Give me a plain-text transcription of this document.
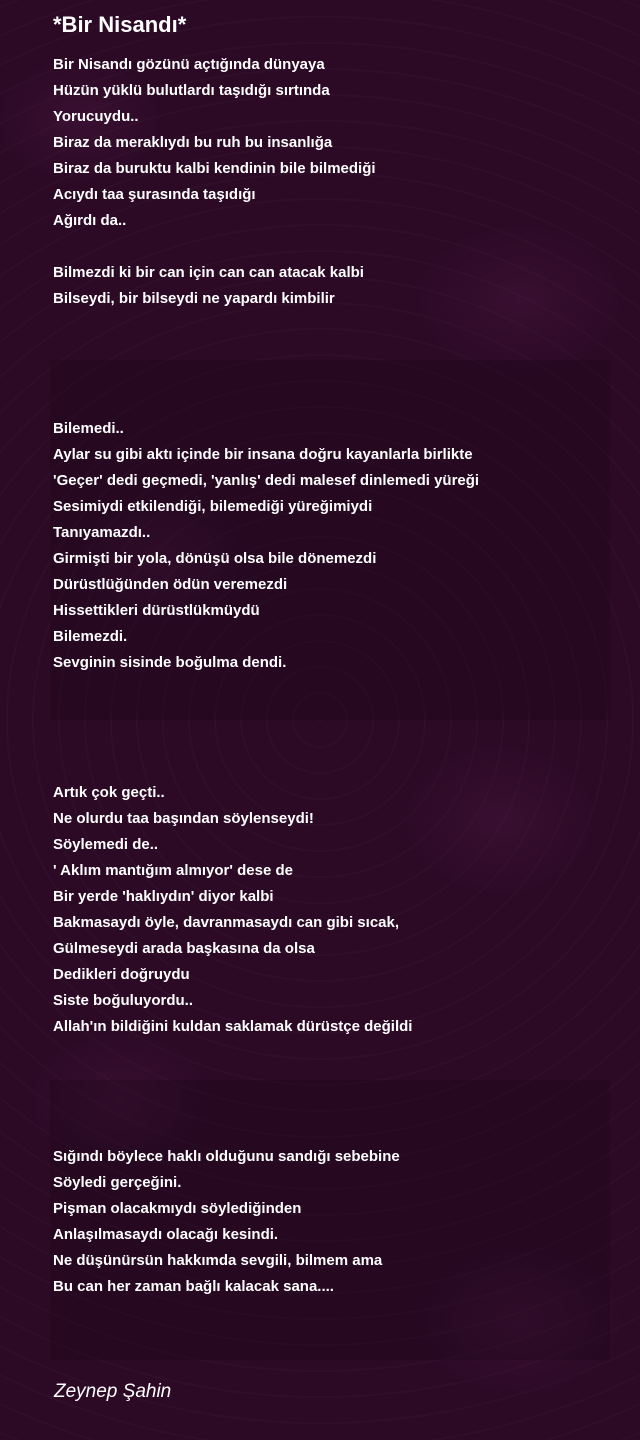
*Bir Nisandı*
Bir Nisandı gözünü açtığında dünyaya
Hüzün yüklü bulutlardı taşıdığı sırtında
Yorucuydu..
Biraz da meraklıydı bu ruh bu insanlığa
Biraz da buruktu kalbi kendinin bile bilmediği
Acıydı taa şurasında taşıdığı
Ağırdı da..
Bilmezdi ki bir can için can can atacak kalbi
Bilseydi, bir bilseydi ne yapardı kimbilir
Bilemedi..
Aylar su gibi aktı içinde bir insana doğru kayanlarla birlikte
'Geçer' dedi geçmedi, 'yanlış' dedi malesef dinlemedi yüreği
Sesimiydi etkilendiği, bilemediği yüreğimiydi
Tanıyamazdı..
Girmişti bir yola, dönüşü olsa bile dönemezdi
Dürüstlüğünden ödün veremezdi
Hissettikleri dürüstlükmüydü
Bilemezdi.
Sevginin sisinde boğulma dendi.
Artık çok geçti..
Ne olurdu taa başından söylenseydi!
Söylemedi de..
' Aklım mantığım almıyor' dese de
Bir yerde 'haklıydın' diyor kalbi
Bakmasaydı öyle, davranmasaydı can gibi sıcak,
Gülmeseydi arada başkasına da olsa
Dedikleri doğruydu
Siste boğuluyordu..
Allah'ın bildiğini kuldan saklamak dürüstçe değildi
Sığındı böylece haklı olduğunu sandığı sebebine
Söyledi gerçeğini.
Pişman olacakmıydı söylediğinden
Anlaşılmasaydı olacağı kesindi.
Ne düşünürsün hakkımda sevgili, bilmem ama
Bu can her zaman bağlı kalacak sana....
Zeynep Şahin
